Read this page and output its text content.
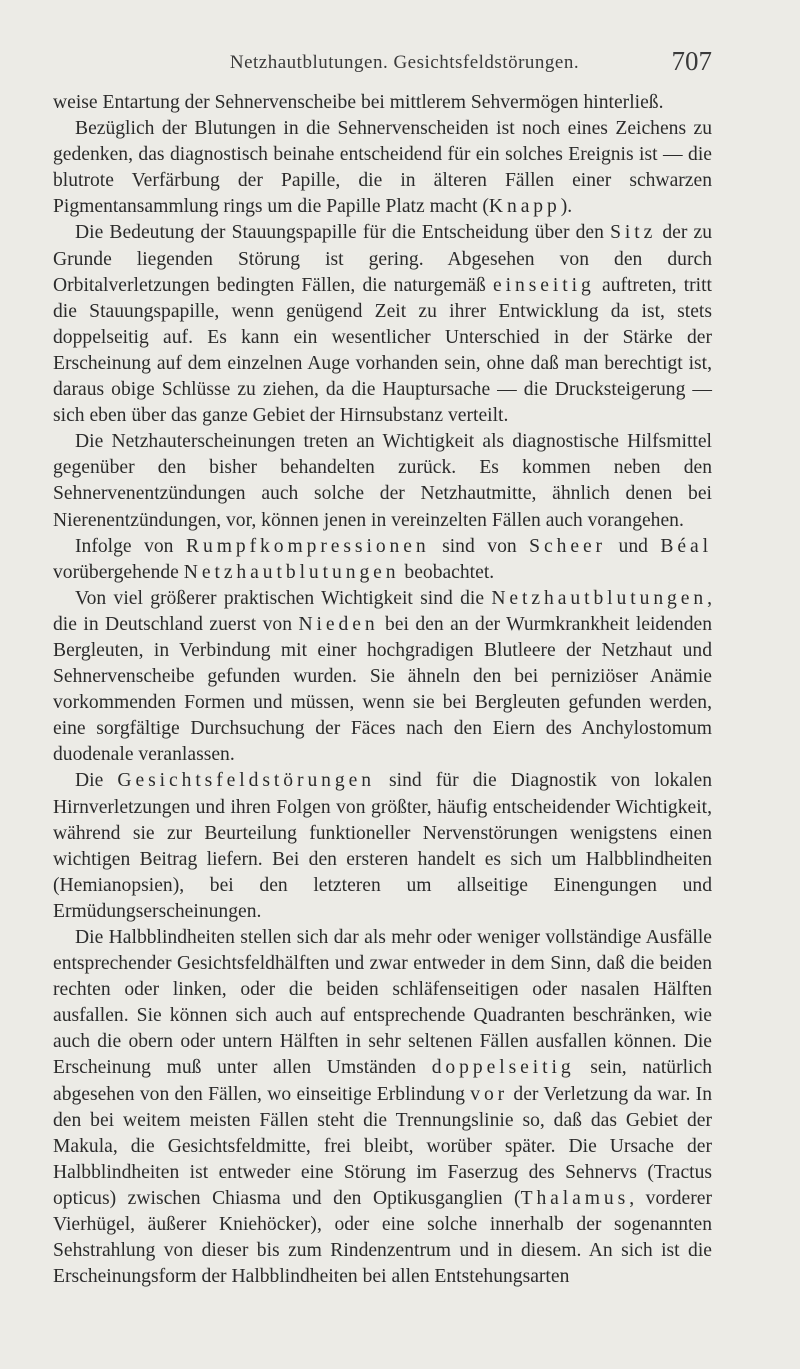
Netzhautblutungen. Gesichtsfeldstörungen.	707

weise Entartung der Sehnervenscheibe bei mittlerem Sehvermögen hinterließ.

Bezüglich der Blutungen in die Sehnervenscheiden ist noch eines Zeichens zu gedenken, das diagnostisch beinahe entscheidend für ein solches Ereignis ist — die blutrote Verfärbung der Papille, die in älteren Fällen einer schwarzen Pigmentansammlung rings um die Papille Platz macht (Knapp).

Die Bedeutung der Stauungspapille für die Entscheidung über den Sitz der zu Grunde liegenden Störung ist gering. Abgesehen von den durch Orbitalverletzungen bedingten Fällen, die naturgemäß einseitig auftreten, tritt die Stauungspapille, wenn genügend Zeit zu ihrer Entwicklung da ist, stets doppelseitig auf. Es kann ein wesentlicher Unterschied in der Stärke der Erscheinung auf dem einzelnen Auge vorhanden sein, ohne daß man berechtigt ist, daraus obige Schlüsse zu ziehen, da die Hauptursache — die Drucksteigerung — sich eben über das ganze Gebiet der Hirnsubstanz verteilt.

Die Netzhauterscheinungen treten an Wichtigkeit als diagnostische Hilfsmittel gegenüber den bisher behandelten zurück. Es kommen neben den Sehnervenentzündungen auch solche der Netzhautmitte, ähnlich denen bei Nierenentzündungen, vor, können jenen in vereinzelten Fällen auch vorangehen.

Infolge von Rumpfkompressionen sind von Scheer und Béal vorübergehende Netzhautblutungen beobachtet.

Von viel größerer praktischen Wichtigkeit sind die Netzhautblutungen, die in Deutschland zuerst von Nieden bei den an der Wurmkrankheit leidenden Bergleuten, in Verbindung mit einer hochgradigen Blutleere der Netzhaut und Sehnervenscheibe gefunden wurden. Sie ähneln den bei perniziöser Anämie vorkommenden Formen und müssen, wenn sie bei Bergleuten gefunden werden, eine sorgfältige Durchsuchung der Fäces nach den Eiern des Anchylostomum duodenale veranlassen.

Die Gesichtsfeldstörungen sind für die Diagnostik von lokalen Hirnverletzungen und ihren Folgen von größter, häufig entscheidender Wichtigkeit, während sie zur Beurteilung funktioneller Nervenstörungen wenigstens einen wichtigen Beitrag liefern. Bei den ersteren handelt es sich um Halbblindheiten (Hemianopsien), bei den letzteren um allseitige Einengungen und Ermüdungserscheinungen.

Die Halbblindheiten stellen sich dar als mehr oder weniger vollständige Ausfälle entsprechender Gesichtsfeldhälften und zwar entweder in dem Sinn, daß die beiden rechten oder linken, oder die beiden schläfenseitigen oder nasalen Hälften ausfallen. Sie können sich auch auf entsprechende Quadranten beschränken, wie auch die obern oder untern Hälften in sehr seltenen Fällen ausfallen können. Die Erscheinung muß unter allen Umständen doppelseitig sein, natürlich abgesehen von den Fällen, wo einseitige Erblindung vor der Verletzung da war. In den bei weitem meisten Fällen steht die Trennungslinie so, daß das Gebiet der Makula, die Gesichtsfeldmitte, frei bleibt, worüber später. Die Ursache der Halbblindheiten ist entweder eine Störung im Faserzug des Sehnervs (Tractus opticus) zwischen Chiasma und den Optikusganglien (Thalamus, vorderer Vierhügel, äußerer Kniehöcker), oder eine solche innerhalb der sogenannten Sehstrahlung von dieser bis zum Rindenzentrum und in diesem. An sich ist die Erscheinungsform der Halbblindheiten bei allen Entstehungsarten
